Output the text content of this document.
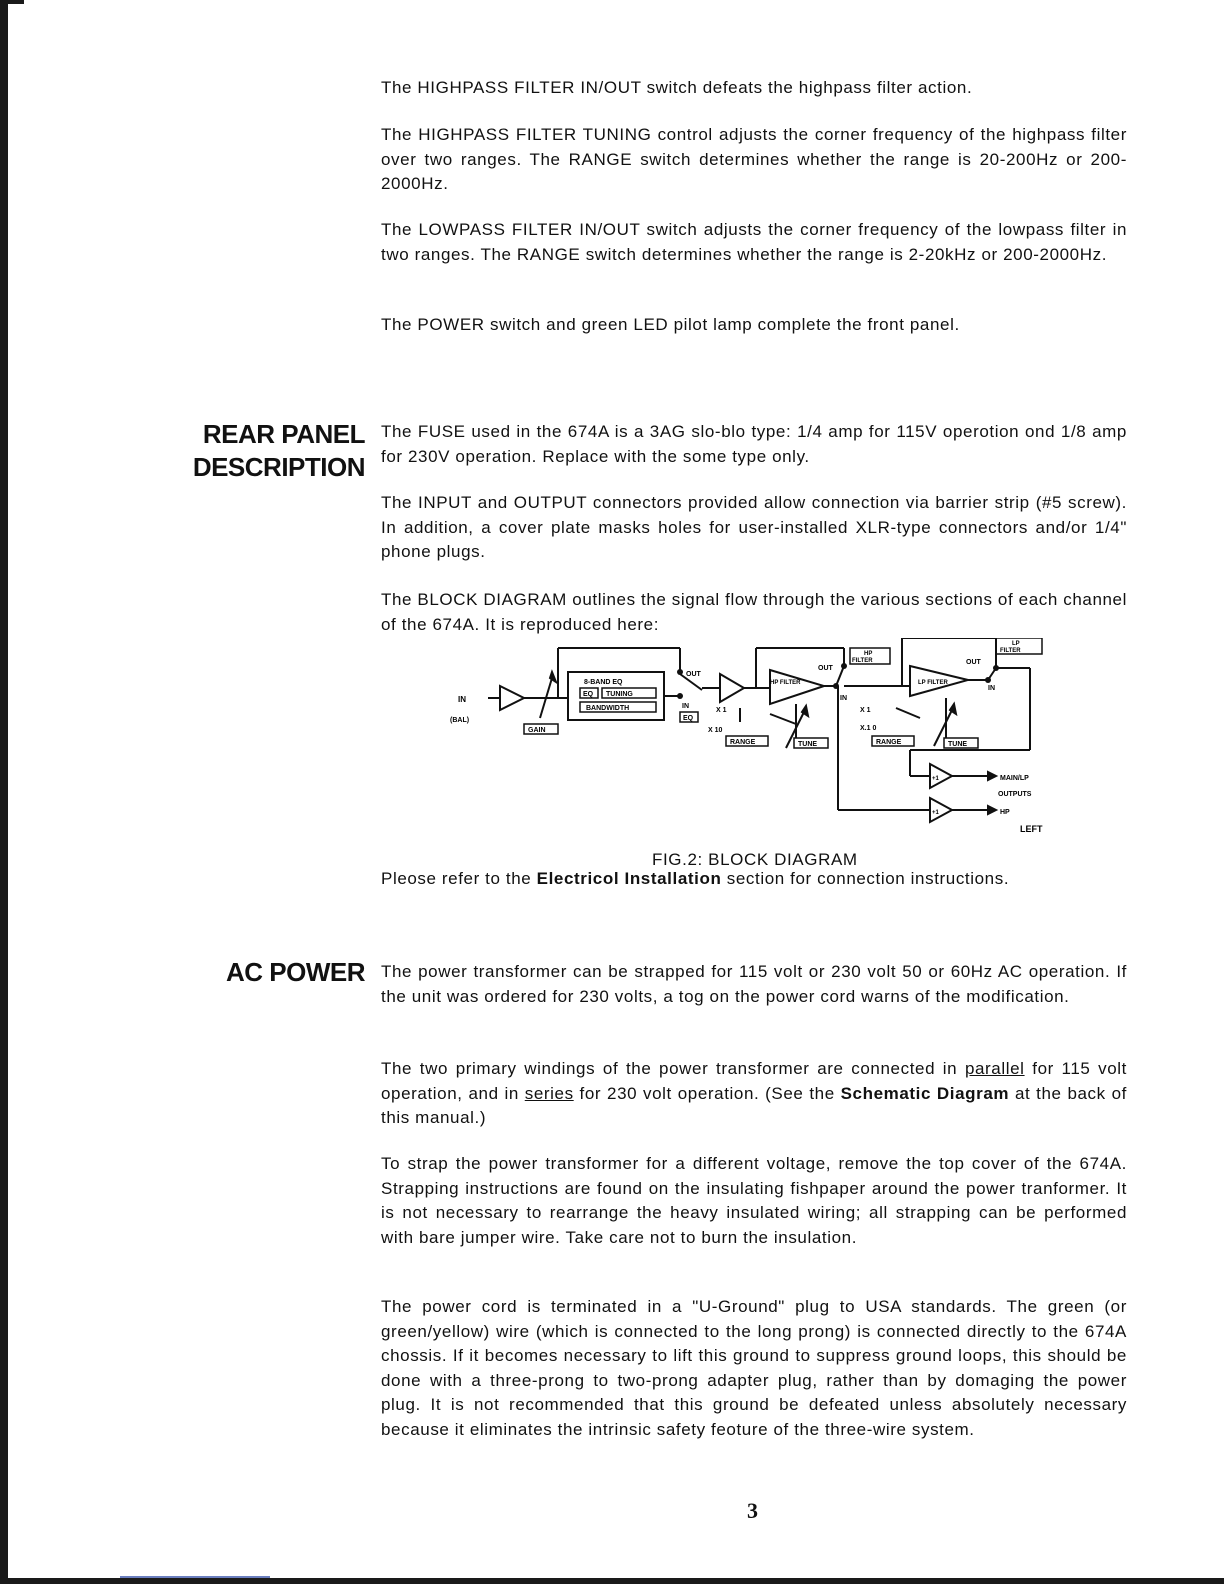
The HIGHPASS FILTER IN/OUT switch defeats the highpass filter action.

The HIGHPASS FILTER TUNING control adjusts the corner frequency of the highpass filter over two ranges. The RANGE switch determines whether the range is 20-200Hz or 200-2000Hz.

The LOWPASS FILTER IN/OUT switch adjusts the corner frequency of the lowpass filter in two ranges. The RANGE switch determines whether the range is 2-20kHz or 200-2000Hz.

The POWER switch and green LED pilot lamp complete the front panel.

REAR PANEL
DESCRIPTION

The FUSE used in the 674A is a 3AG slo-blo type: 1/4 amp for 115V operotion ond 1/8 amp for 230V operation. Replace with the some type only.

The INPUT and OUTPUT connectors provided allow connection via barrier strip (#5 screw). In addition, a cover plate masks holes for user-installed XLR-type connectors and/or 1/4" phone plugs.

The BLOCK DIAGRAM outlines the signal flow through the various sections of each channel of the 674A. It is reproduced here:

IN
(BAL)
GAIN
8-BAND EQ
EQ TUNING
BANDWIDTH
OUT
IN
EQ
X 1
X 10
RANGE	TUNE
HP FILTER
HP
FILTER
OUT
IN
LP FILTER
LP
FILTER
OUT
IN
X 1
X.1 0
RANGE	TUNE
+1
+1
MAIN/LP
OUTPUTS
HP
LEFT
FIG.2: BLOCK DIAGRAM

Pleose refer to the Electricol Installation section for connection instructions.

AC POWER The power transformer can be strapped for 115 volt or 230 volt 50 or 60Hz AC operation. If the unit was ordered for 230 volts, a tog on the power cord warns of the modification.

The two primary windings of the power transformer are connected in parallel for 115 volt operation, and in series for 230 volt operation. (See the Schematic Diagram at the back of this manual.)

To strap the power transformer for a different voltage, remove the top cover of the 674A. Strapping instructions are found on the insulating fishpaper around the power tranformer. It is not necessary to rearrange the heavy insulated wiring; all strapping can be performed with bare jumper wire. Take care not to burn the insulation.

The power cord is terminated in a "U-Ground" plug to USA standards. The green (or green/yellow) wire (which is connected to the long prong) is connected directly to the 674A chossis. If it becomes necessary to lift this ground to suppress ground loops, this should be done with a three-prong to two-prong adapter plug, rather than by domaging the power plug. It is not recommended that this ground be defeated unless absolutely necessary because it eliminates the intrinsic safety feoture of the three-wire system.

3
